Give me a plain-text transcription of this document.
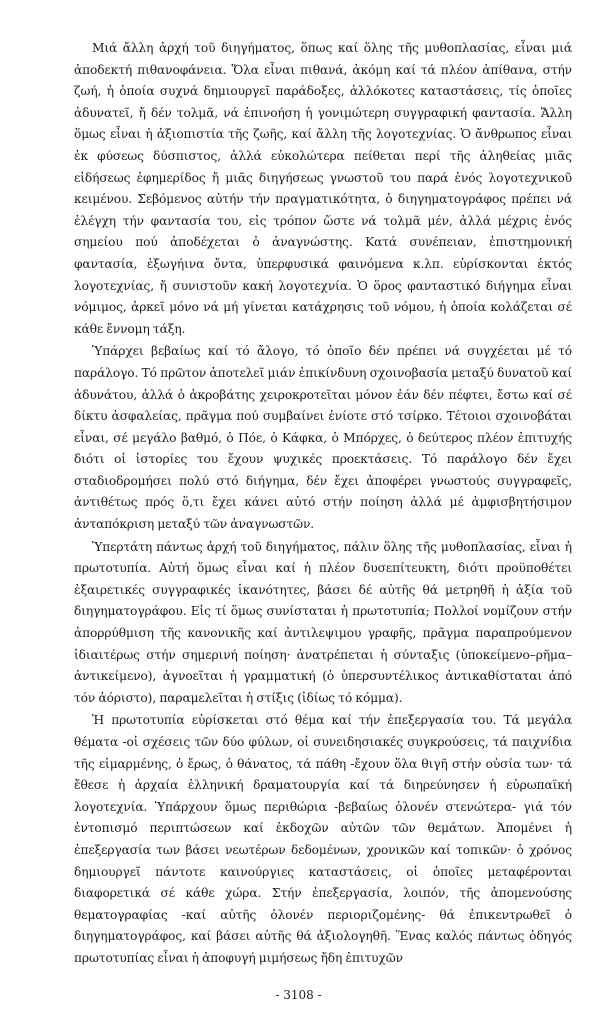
Μιά ἄλλη ἀρχή τοῦ διηγήματος, ὅπως καί ὅλης τῆς μυθοπλασίας, εἶναι μιά ἀποδεκτή πιθανοφάνεια. Ὅλα εἶναι πιθανά, ἀκόμη καί τά πλέον ἀπίθανα, στήν ζωή, ἡ ὁποία συχνά δημιουργεῖ παράδοξες, ἀλλόκοτες καταστάσεις, τίς ὁποῖες ἀδυνατεῖ, ἤ δέν τολμᾶ, νά ἐπινοήση ἡ γονιμώτερη συγγραφική φαντασία. Ἄλλη ὅμως εἶναι ἡ ἀξιοπιστία τῆς ζωῆς, καί ἄλλη τῆς λογοτεχνίας. Ὁ ἄνθρωπος εἶναι ἐκ φύσεως δύσπιστος, ἀλλά εὐκολώτερα πείθεται περί τῆς ἀληθείας μιᾶς εἰδήσεως ἐφημερίδος ἤ μιᾶς διηγήσεως γνωστοῦ του παρά ἑνός λογοτεχνικοῦ κειμένου. Σεβόμενος αὐτήν τήν πραγματικότητα, ὁ διηγηματογράφος πρέπει νά ἐλέγχη τήν φαντασία του, εἰς τρόπον ὥστε νά τολμᾶ μέν, ἀλλά μέχρις ἑνός σημείου πού ἀποδέχεται ὁ ἀναγνώστης. Κατά συνέπειαν, ἐπιστημονική φαντασία, ἐξωγήινα ὄντα, ὑπερφυσικά φαινόμενα κ.λπ. εὑρίσκονται ἐκτός λογοτεχνίας, ἤ συνιστοῦν κακή λογοτεχνία. Ὁ ὅρος φανταστικό διήγημα εἶναι νόμιμος, ἀρκεῖ μόνο νά μή γίνεται κατάχρησις τοῦ νόμου, ἡ ὁποία κολάζεται σέ κάθε ἔννομη τάξη.

Ὑπάρχει βεβαίως καί τό ἄλογο, τό ὁποῖο δέν πρέπει νά συγχέεται μέ τό παράλογο. Τό πρῶτον ἀποτελεῖ μιάν ἐπικίνδυνη σχοινοβασία μεταξύ δυνατοῦ καί ἀδυνάτου, ἀλλά ὁ ἀκροβάτης χειροκροτεῖται μόνον ἐάν δέν πέφτει, ἔστω καί σέ δίκτυ ἀσφαλείας, πρᾶγμα πού συμβαίνει ἐνίοτε στό τσίρκο. Τέτοιοι σχοινοβάται εἶναι, σέ μεγάλο βαθμό, ὁ Πόε, ὁ Κάφκα, ὁ Μπόρχες, ὁ δεύτερος πλέον ἐπιτυχής διότι οἱ ἱστορίες του ἔχουν ψυχικές προεκτάσεις. Τό παράλογο δέν ἔχει σταδιοδρομήσει πολύ στό διήγημα, δέν ἔχει ἀποφέρει γνωστούς συγγραφεῖς, ἀντιθέτως πρός ὅ,τι ἔχει κάνει αὐτό στήν ποίηση ἀλλά μέ ἀμφισβητήσιμον ἀνταπόκριση μεταξύ τῶν ἀναγνωστῶν.

Ὑπερτάτη πάντως ἀρχή τοῦ διηγήματος, πάλιν ὅλης τῆς μυθοπλασίας, εἶναι ἡ πρωτοτυπία. Αὐτή ὅμως εἶναι καί ἡ πλέον δυσεπίτευκτη, διότι προϋποθέτει ἐξαιρετικές συγγραφικές ἱκανότητες, βάσει δέ αὐτῆς θά μετρηθῆ ἡ ἀξία τοῦ διηγηματογράφου. Εἰς τί ὅμως συνίσταται ἡ πρωτοτυπία; Πολλοί νομίζουν στήν ἀπορρύθμιση τῆς κανονικῆς καί ἀντιλεψιμου γραφῆς, πρᾶγμα παραπρούμενον ἰδιαιτέρως στήν σημερινή ποίηση· ἀνατρέπεται ἡ σύνταξις (ὑποκείμενο–ρῆμα–ἀντικείμενο), ἀγνοεῖται ἡ γραμματική (ὁ ὑπερσυντέλικος ἀντικαθίσταται ἀπό τόν ἀόριστο), παραμελεῖται ἡ στίξις (ἰδίως τό κόμμα).

Ἡ πρωτοτυπία εὑρίσκεται στό θέμα καί τήν ἐπεξεργασία του. Τά μεγάλα θέματα -οἱ σχέσεις τῶν δύο φύλων, οἱ συνειδησιακές συγκρούσεις, τά παιχνίδια τῆς εἱμαρμένης, ὁ ἔρως, ὁ θάνατος, τά πάθη -ἔχουν ὅλα θιγῆ στήν οὐσία των· τά ἔθεσε ἡ ἀρχαία ἑλληνική δραματουργία καί τά διηρεύνησεν ἡ εὐρωπαϊκή λογοτεχνία. Ὑπάρχουν ὅμως περιθώρια -βεβαίως ὁλονέν στενώτερα- γιά τόν ἐντοπισμό περιπτώσεων καί ἐκδοχῶν αὐτῶν τῶν θεμάτων. Ἀπομένει ἡ ἐπεξεργασία των βάσει νεωτέρων δεδομένων, χρονικῶν καί τοπικῶν· ὁ χρόνος δημιουργεῖ πάντοτε καινούργιες καταστάσεις, οἱ ὁποῖες μεταφέρονται διαφορετικά σέ κάθε χώρα. Στήν ἐπεξεργασία, λοιπόν, τῆς ἀπομενούσης θεματογραφίας -καί αὐτῆς ὁλονέν περιοριζομένης- θά ἐπικεντρωθεῖ ὁ διηγηματογράφος, καί βάσει αὐτῆς θά ἀξιολογηθῆ. Ἕνας καλός πάντως ὁδηγός πρωτοτυπίας εἶναι ἡ ἀποφυγή μιμήσεως ἤδη ἐπιτυχῶν

- 3108 -
